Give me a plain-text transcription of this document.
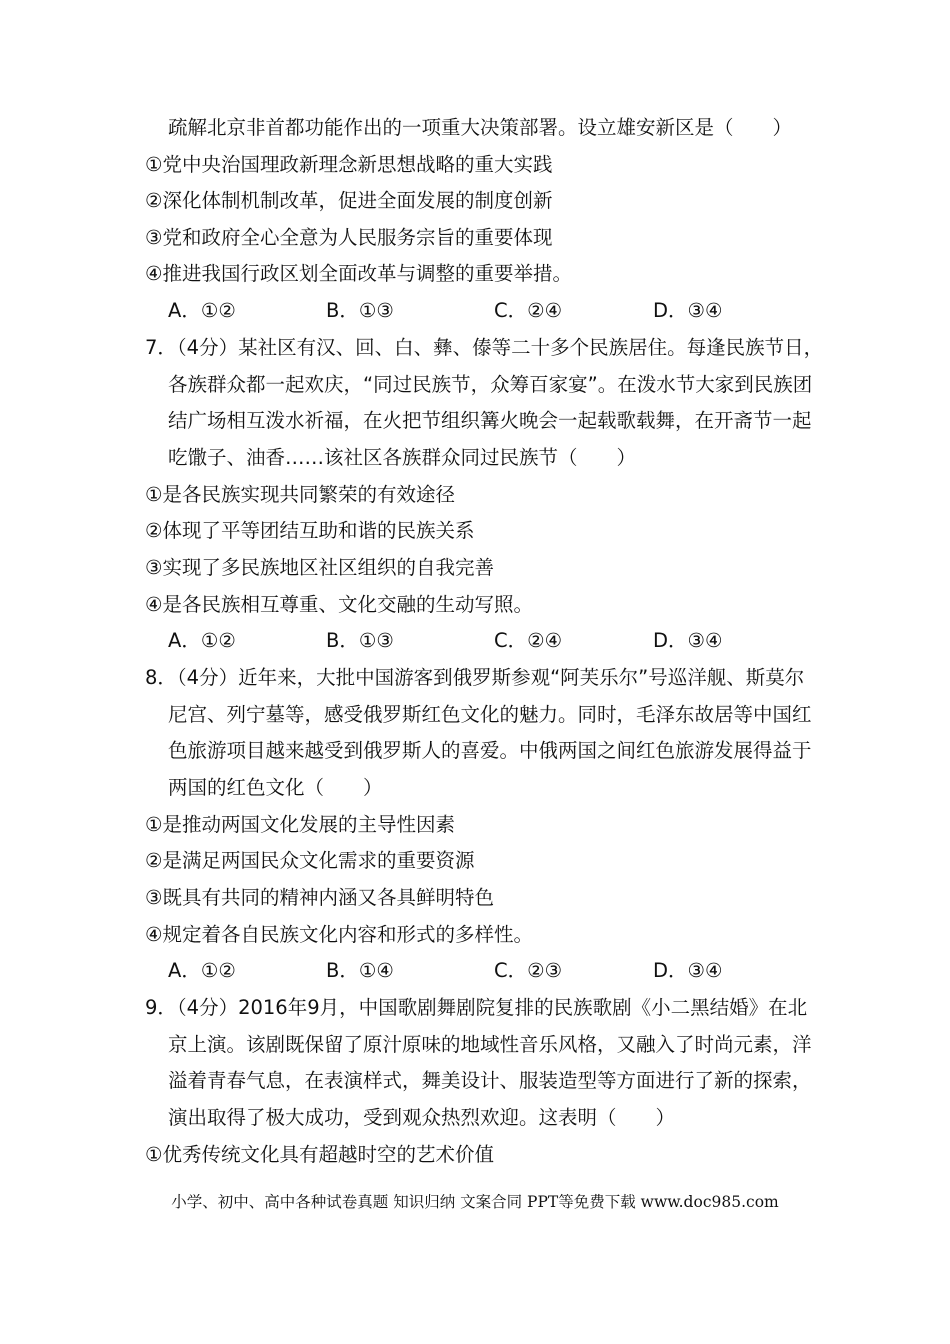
疏解北京非首都功能作出的一项重大决策部署。设立雄安新区是（　　）
①党中央治国理政新理念新思想战略的重大实践
②深化体制机制改革，促进全面发展的制度创新
③党和政府全心全意为人民服务宗旨的重要体现
④推进我国行政区划全面改革与调整的重要举措。
A．①②	B．①③	C．②④	D．③④
7．（4分）某社区有汉、回、白、彝、傣等二十多个民族居住。每逢民族节日，
各族群众都一起欢庆，“同过民族节，众筹百家宴”。在泼水节大家到民族团
结广场相互泼水祈福，在火把节组织篝火晚会一起载歌载舞，在开斋节一起
吃馓子、油香……该社区各族群众同过民族节（　　）
①是各民族实现共同繁荣的有效途径
②体现了平等团结互助和谐的民族关系
③实现了多民族地区社区组织的自我完善
④是各民族相互尊重、文化交融的生动写照。
A．①②	B．①③	C．②④	D．③④
8．（4分）近年来，大批中国游客到俄罗斯参观“阿芙乐尔”号巡洋舰、斯莫尔
尼宫、列宁墓等，感受俄罗斯红色文化的魅力。同时，毛泽东故居等中国红
色旅游项目越来越受到俄罗斯人的喜爱。中俄两国之间红色旅游发展得益于
两国的红色文化（　　）
①是推动两国文化发展的主导性因素
②是满足两国民众文化需求的重要资源
③既具有共同的精神内涵又各具鲜明特色
④规定着各自民族文化内容和形式的多样性。
A．①②	B．①④	C．②③	D．③④
9．（4分）2016年9月，中国歌剧舞剧院复排的民族歌剧《小二黑结婚》在北
京上演。该剧既保留了原汁原味的地域性音乐风格，又融入了时尚元素，洋
溢着青春气息，在表演样式，舞美设计、服装造型等方面进行了新的探索，
演出取得了极大成功，受到观众热烈欢迎。这表明（　　）
①优秀传统文化具有超越时空的艺术价值
小学、初中、高中各种试卷真题 知识归纳 文案合同 PPT等免费下载 www.doc985.com
